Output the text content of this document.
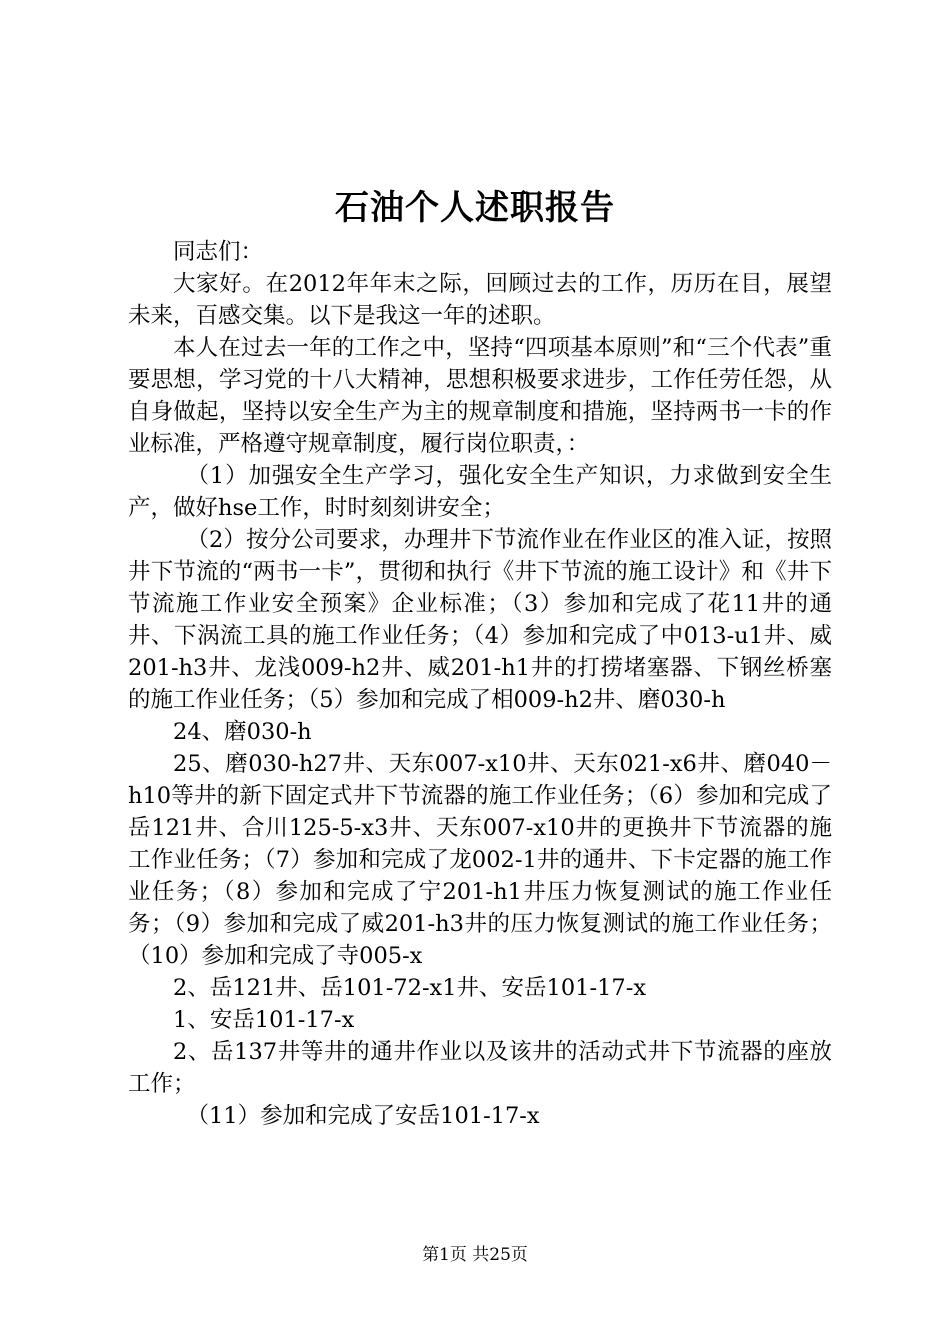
石油个人述职报告

同志们：

大家好。在2012年年末之际，回顾过去的工作，历历在目，展望未来，百感交集。以下是我这一年的述职。

本人在过去一年的工作之中，坚持“四项基本原则”和“三个代表”重要思想，学习党的十八大精神，思想积极要求进步，工作任劳任怨，从自身做起，坚持以安全生产为主的规章制度和措施，坚持两书一卡的作业标准，严格遵守规章制度，履行岗位职责，：

（1）加强安全生产学习，强化安全生产知识，力求做到安全生产，做好hse工作，时时刻刻讲安全；

（2）按分公司要求，办理井下节流作业在作业区的准入证，按照井下节流的“两书一卡”，贯彻和执行《井下节流的施工设计》和《井下节流施工作业安全预案》企业标准；（3）参加和完成了花11井的通井、下涡流工具的施工作业任务；（4）参加和完成了中013-u1井、威201-h3井、龙浅009-h2井、威201-h1井的打捞堵塞器、下钢丝桥塞的施工作业任务；（5）参加和完成了相009-h2井、磨030-h

24、磨030-h

25、磨030-h27井、天东007-x10井、天东021-x6井、磨040－h10等井的新下固定式井下节流器的施工作业任务；（6）参加和完成了岳121井、合川125-5-x3井、天东007-x10井的更换井下节流器的施工作业任务；（7）参加和完成了龙002-1井的通井、下卡定器的施工作业任务；（8）参加和完成了宁201-h1井压力恢复测试的施工作业任务；（9）参加和完成了威201-h3井的压力恢复测试的施工作业任务；（10）参加和完成了寺005-x

2、岳121井、岳101-72-x1井、安岳101-17-x

1、安岳101-17-x

2、岳137井等井的通井作业以及该井的活动式井下节流器的座放工作；

（11）参加和完成了安岳101-17-x

第1页 共25页
